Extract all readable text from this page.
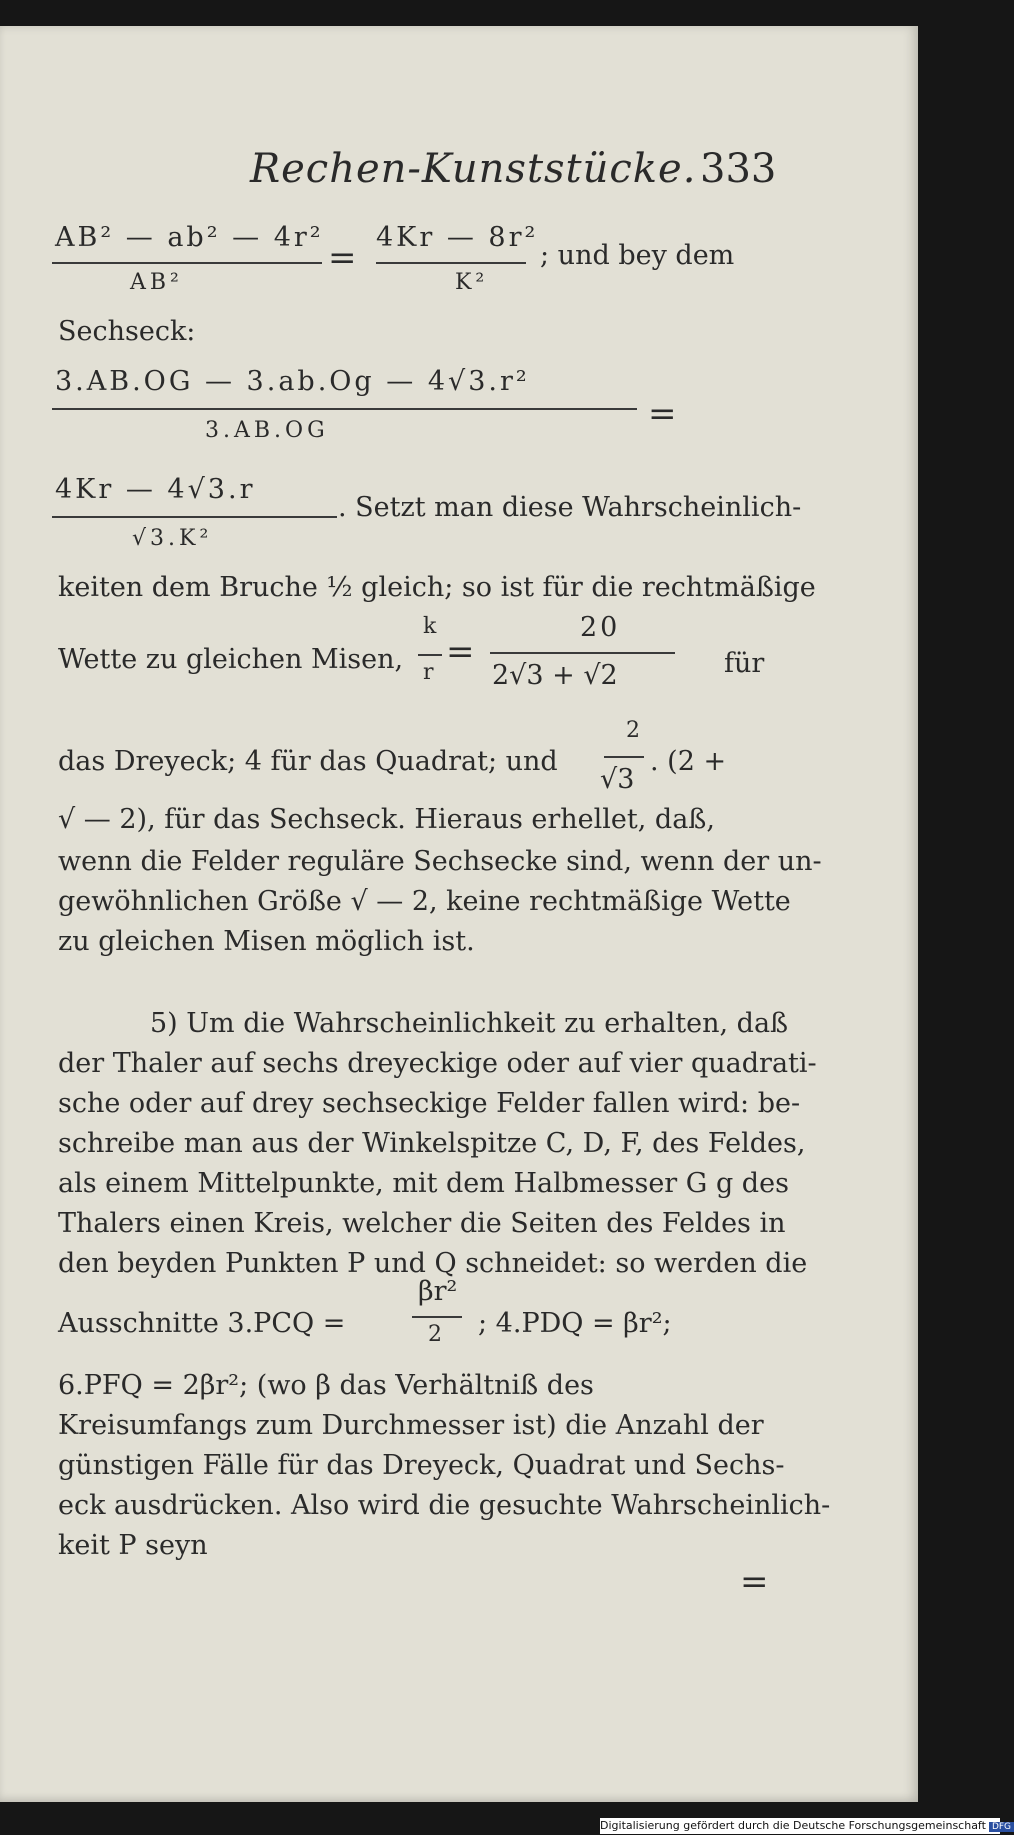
Rechen-Kunststücke. 333
AB² — ab² — 4r²
AB²
=
4Kr — 8r²
K²
; und bey dem
Sechseck:
3.AB.OG — 3.ab.Og — 4√3.r²
3.AB.OG	=
4Kr — 4√3.r
√3.K²
. Setzt man diese Wahrscheinlich-
keiten dem Bruche ½ gleich; so ist für die rechtmäßige
Wette zu gleichen Misen,
k
r
=
20
2√3 + √2	für
das Dreyeck; 4 für das Quadrat; und
2
√3
. (2 +
√ — 2), für das Sechseck. Hieraus erhellet, daß,
wenn die Felder reguläre Sechsecke sind, wenn der un-
gewöhnlichen Größe √ — 2, keine rechtmäßige Wette
zu gleichen Misen möglich ist.
5) Um die Wahrscheinlichkeit zu erhalten, daß
der Thaler auf sechs dreyeckige oder auf vier quadrati-
sche oder auf drey sechseckige Felder fallen wird: be-
schreibe man aus der Winkelspitze C, D, F, des Feldes,
als einem Mittelpunkte, mit dem Halbmesser G g des
Thalers einen Kreis, welcher die Seiten des Feldes in
den beyden Punkten P und Q schneidet: so werden die
Ausschnitte 3.PCQ =
βr²
2 ; 4.PDQ = βr²;
6.PFQ = 2βr²; (wo β das Verhältniß des
Kreisumfangs zum Durchmesser ist) die Anzahl der
günstigen Fälle für das Dreyeck, Quadrat und Sechs-
eck ausdrücken. Also wird die gesuchte Wahrscheinlich-
keit P seyn
=
Digitalisierung gefördert durch die Deutsche Forschungsgemeinschaft DFG
